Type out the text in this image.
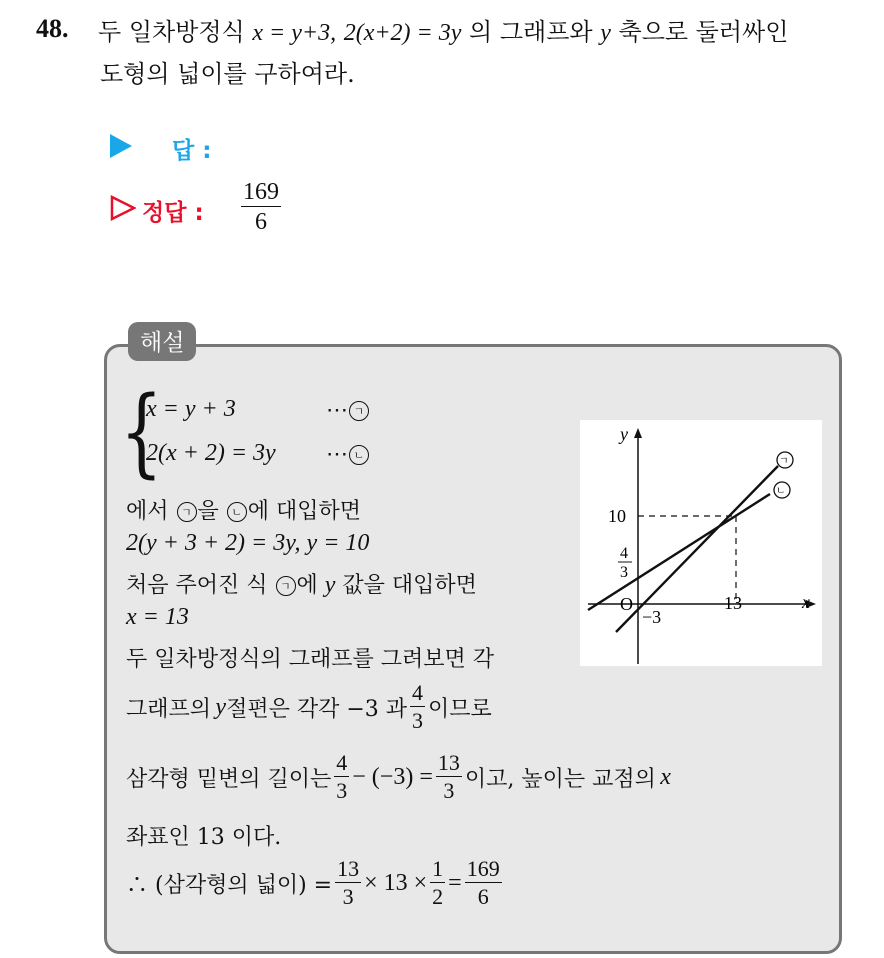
48. 두 일차방정식 x = y+3, 2(x+2) = 3y 의 그래프와 y 축으로 둘러싸인
도형의 넓이를 구하여라.
답 :
정답 : $\frac{169}{6}$
해설
{
x = y + 3	⋯ ㄱ
2(x + 2) = 3y ⋯ ㄴ
에서 ㄱ 을 ㄴ 에 대입하면
2(y + 3 + 2) = 3y, y = 10
처음 주어진 식 ㄱ 에 y 값을 대입하면
x = 13
두 일차방정식의 그래프를 그려보면 각
그래프의
  y 절편은 각각 −3 과 $\frac{4}{3}$ 이므로
삼각형 밑변의 길이는 $\frac{4}{3} - (-3) = \frac{13}{3}$ 이고, 높이는 교점의
  x
좌표인 13 이다.
∴ (삼각형의 넓이) = $\frac{13}{3} \times 13 \times \frac{1}{2} = \frac{169}{6}$
y
x
O
10
4
3
13
−3
ㄱ
ㄴ
